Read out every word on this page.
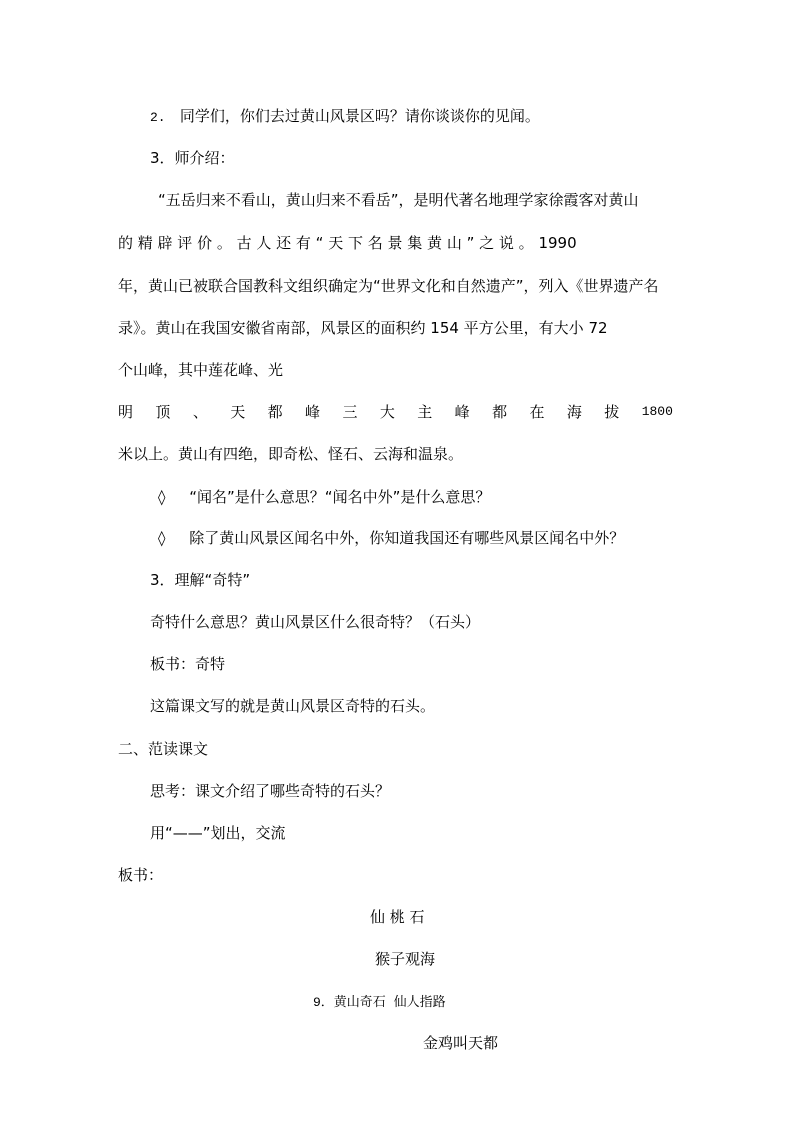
2. 同学们，你们去过黄山风景区吗？请你谈谈你的见闻。
3．师介绍：
“五岳归来不看山，黄山归来不看岳”，是明代著名地理学家徐霞客对黄山
的 精 辟 评 价 。 古 人 还 有 “ 天 下 名 景 集 黄 山 ” 之 说 。 1990
年，黄山已被联合国教科文组织确定为“世界文化和自然遗产”，列入《世界遗产名
录》。黄山在我国安徽省南部，风景区的面积约 154 平方公里，有大小 72
个山峰，其中莲花峰、光
明 顶 、 天 都 峰 三 大 主 峰 都 在 海 拔 1800
米以上。黄山有四绝，即奇松、怪石、云海和温泉。
◊ “闻名”是什么意思？“闻名中外”是什么意思？
◊ 除了黄山风景区闻名中外，你知道我国还有哪些风景区闻名中外？
3．理解“奇特”
奇特什么意思？黄山风景区什么很奇特？（石头）
板书：奇特
这篇课文写的就是黄山风景区奇特的石头。
二、范读课文
思考：课文介绍了哪些奇特的石头？
用“——”划出，交流
板书：
仙 桃 石
猴子观海
9．黄山奇石 仙人指路
金鸡叫天都
